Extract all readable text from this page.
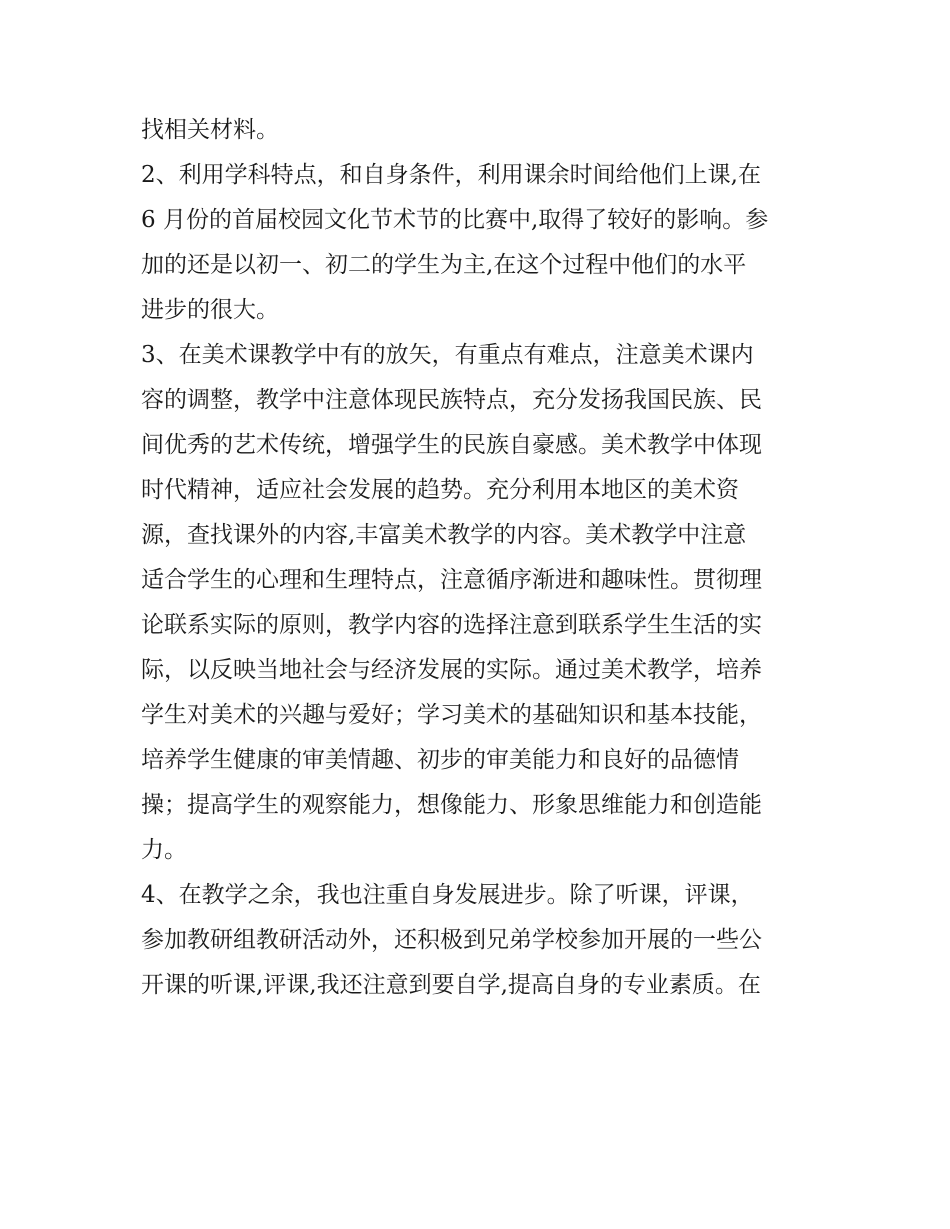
找相关材料。
2、利用学科特点，和自身条件，利用课余时间给他们上课,在
6 月份的首届校园文化节术节的比赛中,取得了较好的影响。参
加的还是以初一、初二的学生为主,在这个过程中他们的水平
进步的很大。
3、在美术课教学中有的放矢，有重点有难点，注意美术课内
容的调整，教学中注意体现民族特点，充分发扬我国民族、民
间优秀的艺术传统，增强学生的民族自豪感。美术教学中体现
时代精神，适应社会发展的趋势。充分利用本地区的美术资
源，查找课外的内容,丰富美术教学的内容。美术教学中注意
适合学生的心理和生理特点，注意循序渐进和趣味性。贯彻理
论联系实际的原则，教学内容的选择注意到联系学生生活的实
际，以反映当地社会与经济发展的实际。通过美术教学，培养
学生对美术的兴趣与爱好；学习美术的基础知识和基本技能，
培养学生健康的审美情趣、初步的审美能力和良好的品德情
操；提高学生的观察能力，想像能力、形象思维能力和创造能
力。
4、在教学之余，我也注重自身发展进步。除了听课，评课，
参加教研组教研活动外，还积极到兄弟学校参加开展的一些公
开课的听课,评课,我还注意到要自学,提高自身的专业素质。在
